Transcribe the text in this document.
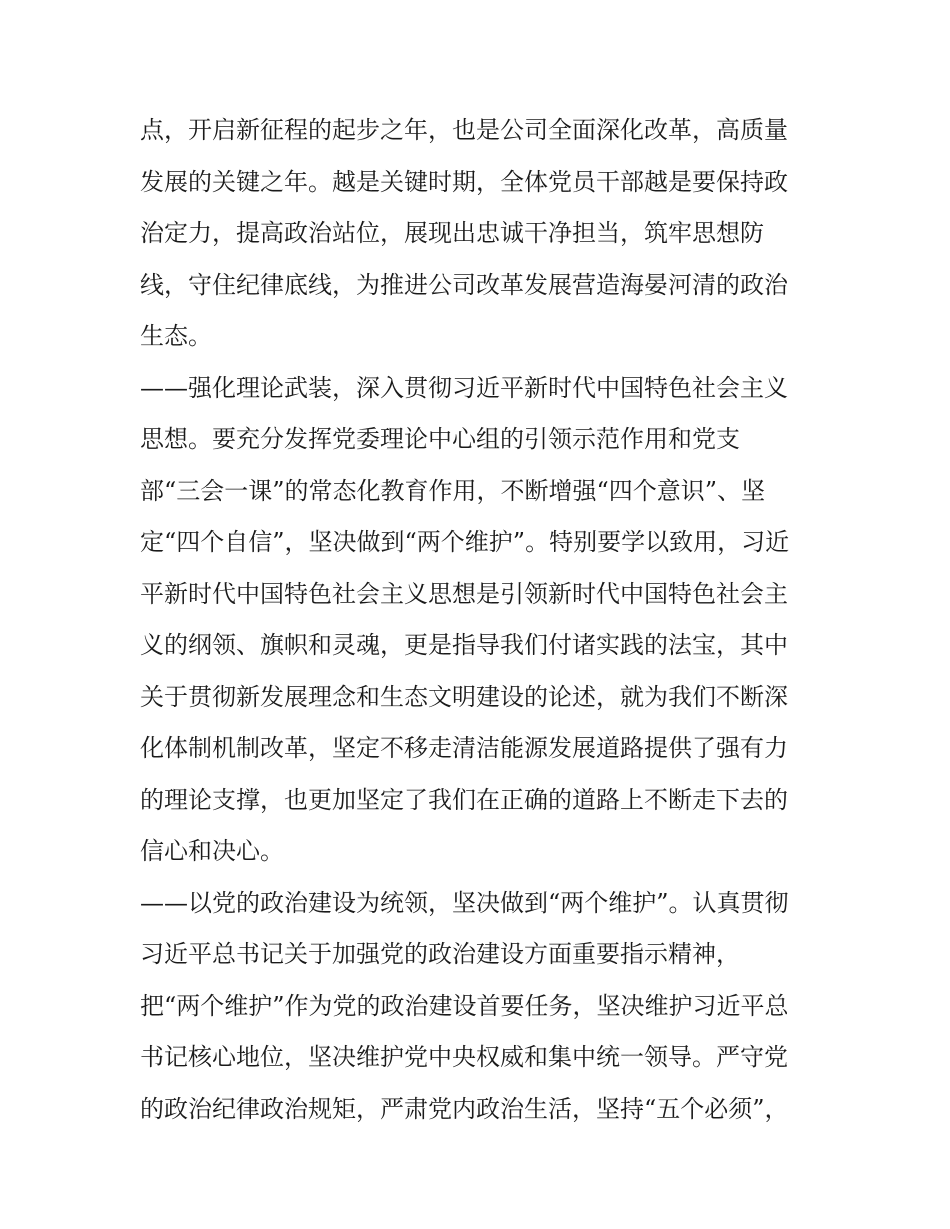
点，开启新征程的起步之年，也是公司全面深化改革，高质量
发展的关键之年。越是关键时期，全体党员干部越是要保持政
治定力，提高政治站位，展现出忠诚干净担当，筑牢思想防
线，守住纪律底线，为推进公司改革发展营造海晏河清的政治
生态。
——强化理论武装，深入贯彻习近平新时代中国特色社会主义
思想。要充分发挥党委理论中心组的引领示范作用和党支
部“三会一课”的常态化教育作用，不断增强“四个意识”、坚
定“四个自信”，坚决做到“两个维护”。特别要学以致用，习近
平新时代中国特色社会主义思想是引领新时代中国特色社会主
义的纲领、旗帜和灵魂，更是指导我们付诸实践的法宝，其中
关于贯彻新发展理念和生态文明建设的论述，就为我们不断深
化体制机制改革，坚定不移走清洁能源发展道路提供了强有力
的理论支撑，也更加坚定了我们在正确的道路上不断走下去的
信心和决心。
——以党的政治建设为统领，坚决做到“两个维护”。认真贯彻
习近平总书记关于加强党的政治建设方面重要指示精神，
把“两个维护”作为党的政治建设首要任务，坚决维护习近平总
书记核心地位，坚决维护党中央权威和集中统一领导。严守党
的政治纪律政治规矩，严肃党内政治生活，坚持“五个必须”，
